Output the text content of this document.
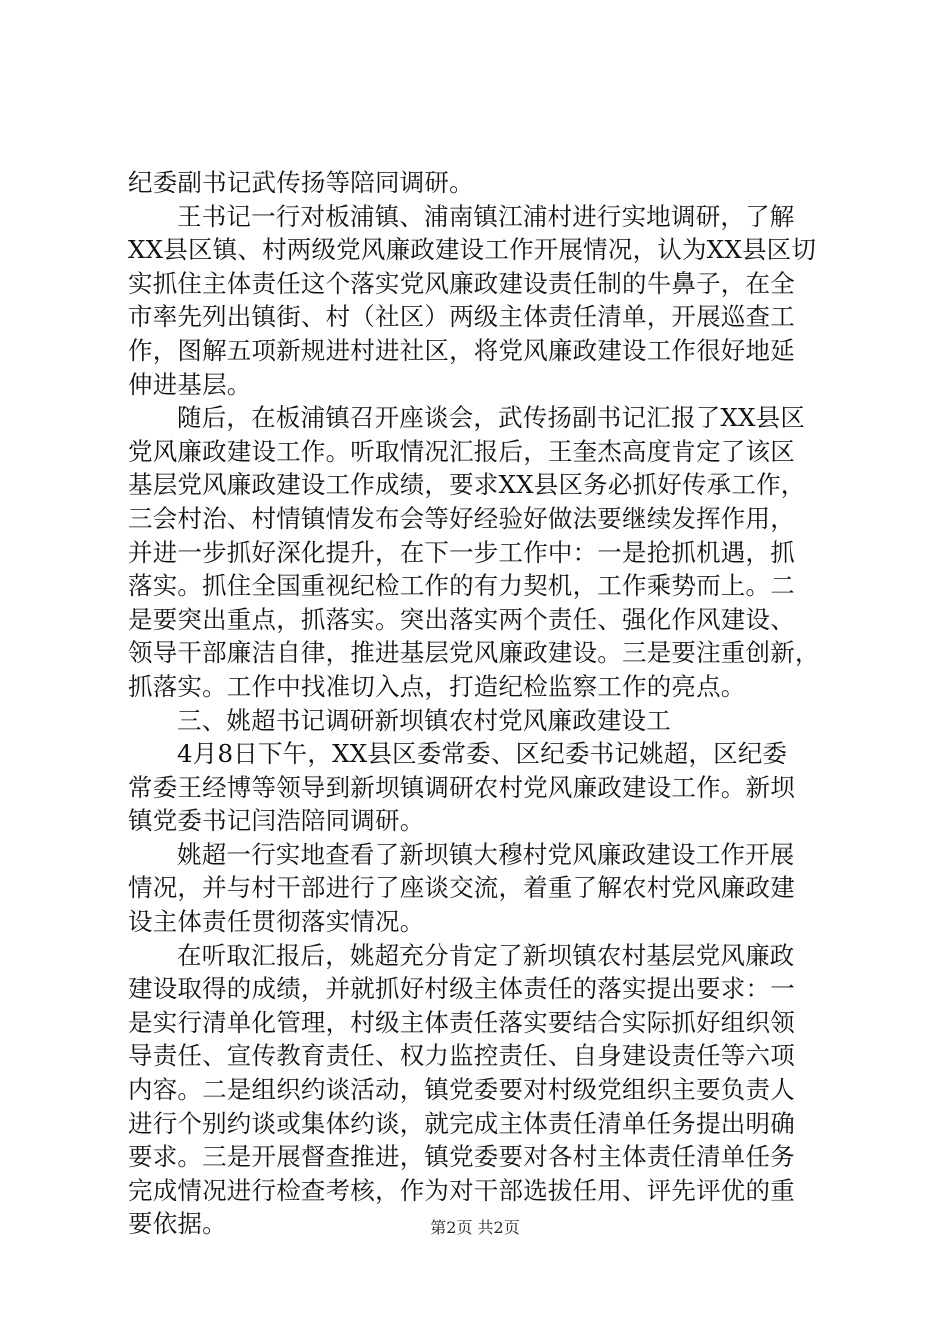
纪委副书记武传扬等陪同调研。
王书记一行对板浦镇、浦南镇江浦村进行实地调研，了解
XX县区镇、村两级党风廉政建设工作开展情况，认为XX县区切
实抓住主体责任这个落实党风廉政建设责任制的牛鼻子，在全
市率先列出镇街、村（社区）两级主体责任清单，开展巡查工
作，图解五项新规进村进社区，将党风廉政建设工作很好地延
伸进基层。
随后，在板浦镇召开座谈会，武传扬副书记汇报了XX县区
党风廉政建设工作。听取情况汇报后，王奎杰高度肯定了该区
基层党风廉政建设工作成绩，要求XX县区务必抓好传承工作，
三会村治、村情镇情发布会等好经验好做法要继续发挥作用，
并进一步抓好深化提升，在下一步工作中：一是抢抓机遇，抓
落实。抓住全国重视纪检工作的有力契机，工作乘势而上。二
是要突出重点，抓落实。突出落实两个责任、强化作风建设、
领导干部廉洁自律，推进基层党风廉政建设。三是要注重创新，
抓落实。工作中找准切入点，打造纪检监察工作的亮点。
三、姚超书记调研新坝镇农村党风廉政建设工
4月8日下午，XX县区委常委、区纪委书记姚超，区纪委
常委王经博等领导到新坝镇调研农村党风廉政建设工作。新坝
镇党委书记闫浩陪同调研。
姚超一行实地查看了新坝镇大穆村党风廉政建设工作开展
情况，并与村干部进行了座谈交流，着重了解农村党风廉政建
设主体责任贯彻落实情况。
在听取汇报后，姚超充分肯定了新坝镇农村基层党风廉政
建设取得的成绩，并就抓好村级主体责任的落实提出要求：一
是实行清单化管理，村级主体责任落实要结合实际抓好组织领
导责任、宣传教育责任、权力监控责任、自身建设责任等六项
内容。二是组织约谈活动，镇党委要对村级党组织主要负责人
进行个别约谈或集体约谈，就完成主体责任清单任务提出明确
要求。三是开展督查推进，镇党委要对各村主体责任清单任务
完成情况进行检查考核，作为对干部选拔任用、评先评优的重
要依据。	第2页 共2页
